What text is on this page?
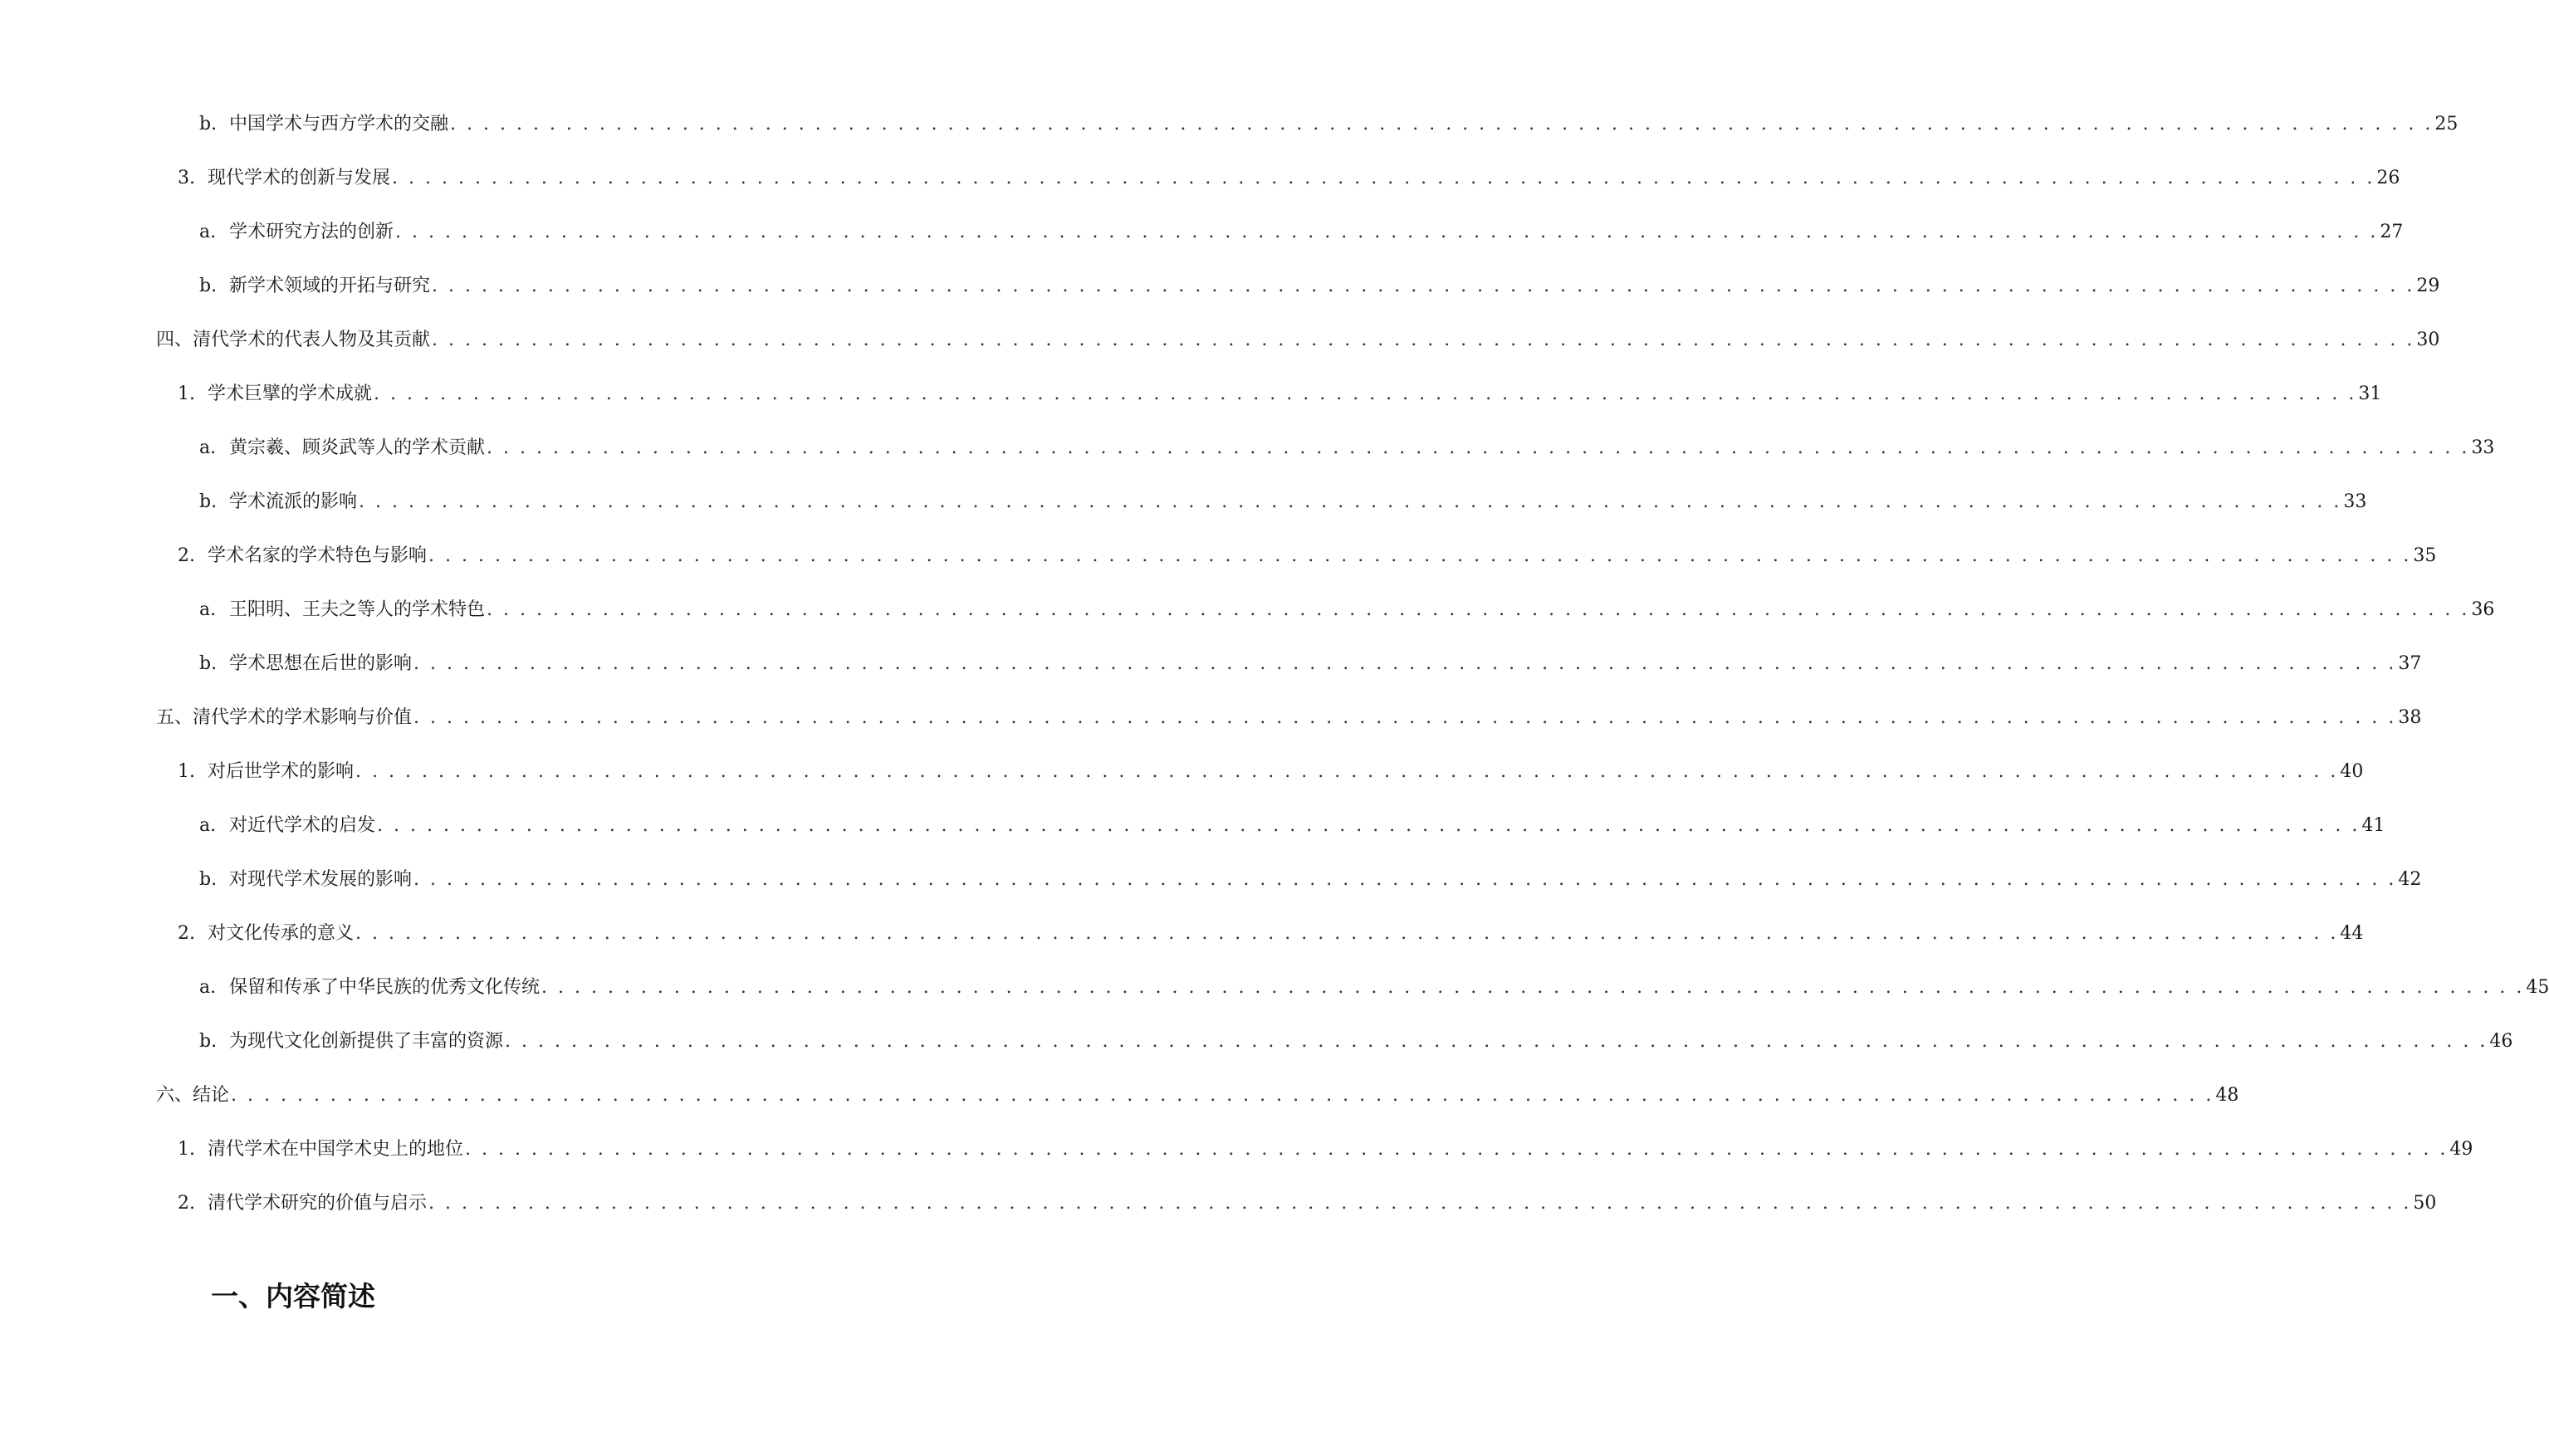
b. 中国学术与西方学术的交融 . . . . . . . . . . . . . . . . . . . . . . . . . . . . . . . . . . . . . . . . . . . . . . . . . . . . . . . . . . . . . . . . . . . . . . . . . . . . . . . . . . . . . . . . . . . . . . . . . . . . . . . . . . . . . . . . . . . . . . . . 25
3. 现代学术的创新与发展 . . . . . . . . . . . . . . . . . . . . . . . . . . . . . . . . . . . . . . . . . . . . . . . . . . . . . . . . . . . . . . . . . . . . . . . . . . . . . . . . . . . . . . . . . . . . . . . . . . . . . . . . . . . . . . . . . . . . . . . . 26
a. 学术研究方法的创新 . . . . . . . . . . . . . . . . . . . . . . . . . . . . . . . . . . . . . . . . . . . . . . . . . . . . . . . . . . . . . . . . . . . . . . . . . . . . . . . . . . . . . . . . . . . . . . . . . . . . . . . . . . . . . . . . . . . . . . . . 27
b. 新学术领域的开拓与研究 . . . . . . . . . . . . . . . . . . . . . . . . . . . . . . . . . . . . . . . . . . . . . . . . . . . . . . . . . . . . . . . . . . . . . . . . . . . . . . . . . . . . . . . . . . . . . . . . . . . . . . . . . . . . . . . . . . . . . . . . 29
四、清代学术的代表人物及其贡献 . . . . . . . . . . . . . . . . . . . . . . . . . . . . . . . . . . . . . . . . . . . . . . . . . . . . . . . . . . . . . . . . . . . . . . . . . . . . . . . . . . . . . . . . . . . . . . . . . . . . . . . . . . . . . . . . . . . . . . . . 30
1. 学术巨擘的学术成就 . . . . . . . . . . . . . . . . . . . . . . . . . . . . . . . . . . . . . . . . . . . . . . . . . . . . . . . . . . . . . . . . . . . . . . . . . . . . . . . . . . . . . . . . . . . . . . . . . . . . . . . . . . . . . . . . . . . . . . . . 31
a. 黄宗羲、顾炎武等人的学术贡献 . . . . . . . . . . . . . . . . . . . . . . . . . . . . . . . . . . . . . . . . . . . . . . . . . . . . . . . . . . . . . . . . . . . . . . . . . . . . . . . . . . . . . . . . . . . . . . . . . . . . . . . . . . . . . . . . . . . . . . . . 33
b. 学术流派的影响 . . . . . . . . . . . . . . . . . . . . . . . . . . . . . . . . . . . . . . . . . . . . . . . . . . . . . . . . . . . . . . . . . . . . . . . . . . . . . . . . . . . . . . . . . . . . . . . . . . . . . . . . . . . . . . . . . . . . . . . . 33
2. 学术名家的学术特色与影响 . . . . . . . . . . . . . . . . . . . . . . . . . . . . . . . . . . . . . . . . . . . . . . . . . . . . . . . . . . . . . . . . . . . . . . . . . . . . . . . . . . . . . . . . . . . . . . . . . . . . . . . . . . . . . . . . . . . . . . . . 35
a. 王阳明、王夫之等人的学术特色 . . . . . . . . . . . . . . . . . . . . . . . . . . . . . . . . . . . . . . . . . . . . . . . . . . . . . . . . . . . . . . . . . . . . . . . . . . . . . . . . . . . . . . . . . . . . . . . . . . . . . . . . . . . . . . . . . . . . . . . . 36
b. 学术思想在后世的影响 . . . . . . . . . . . . . . . . . . . . . . . . . . . . . . . . . . . . . . . . . . . . . . . . . . . . . . . . . . . . . . . . . . . . . . . . . . . . . . . . . . . . . . . . . . . . . . . . . . . . . . . . . . . . . . . . . . . . . . . . 37
五、清代学术的学术影响与价值 . . . . . . . . . . . . . . . . . . . . . . . . . . . . . . . . . . . . . . . . . . . . . . . . . . . . . . . . . . . . . . . . . . . . . . . . . . . . . . . . . . . . . . . . . . . . . . . . . . . . . . . . . . . . . . . . . . . . . . . . 38
1. 对后世学术的影响 . . . . . . . . . . . . . . . . . . . . . . . . . . . . . . . . . . . . . . . . . . . . . . . . . . . . . . . . . . . . . . . . . . . . . . . . . . . . . . . . . . . . . . . . . . . . . . . . . . . . . . . . . . . . . . . . . . . . . . . . 40
a. 对近代学术的启发 . . . . . . . . . . . . . . . . . . . . . . . . . . . . . . . . . . . . . . . . . . . . . . . . . . . . . . . . . . . . . . . . . . . . . . . . . . . . . . . . . . . . . . . . . . . . . . . . . . . . . . . . . . . . . . . . . . . . . . . . 41
b. 对现代学术发展的影响 . . . . . . . . . . . . . . . . . . . . . . . . . . . . . . . . . . . . . . . . . . . . . . . . . . . . . . . . . . . . . . . . . . . . . . . . . . . . . . . . . . . . . . . . . . . . . . . . . . . . . . . . . . . . . . . . . . . . . . . . 42
2. 对文化传承的意义 . . . . . . . . . . . . . . . . . . . . . . . . . . . . . . . . . . . . . . . . . . . . . . . . . . . . . . . . . . . . . . . . . . . . . . . . . . . . . . . . . . . . . . . . . . . . . . . . . . . . . . . . . . . . . . . . . . . . . . . . 44
a. 保留和传承了中华民族的优秀文化传统 . . . . . . . . . . . . . . . . . . . . . . . . . . . . . . . . . . . . . . . . . . . . . . . . . . . . . . . . . . . . . . . . . . . . . . . . . . . . . . . . . . . . . . . . . . . . . . . . . . . . . . . . . . . . . . . . . . . . . . . . 45
b. 为现代文化创新提供了丰富的资源 . . . . . . . . . . . . . . . . . . . . . . . . . . . . . . . . . . . . . . . . . . . . . . . . . . . . . . . . . . . . . . . . . . . . . . . . . . . . . . . . . . . . . . . . . . . . . . . . . . . . . . . . . . . . . . . . . . . . . . . . 46
六、结论 . . . . . . . . . . . . . . . . . . . . . . . . . . . . . . . . . . . . . . . . . . . . . . . . . . . . . . . . . . . . . . . . . . . . . . . . . . . . . . . . . . . . . . . . . . . . . . . . . . . . . . . . . . . . . . . . . . . . . . . . 48
1. 清代学术在中国学术史上的地位 . . . . . . . . . . . . . . . . . . . . . . . . . . . . . . . . . . . . . . . . . . . . . . . . . . . . . . . . . . . . . . . . . . . . . . . . . . . . . . . . . . . . . . . . . . . . . . . . . . . . . . . . . . . . . . . . . . . . . . . . 49
2. 清代学术研究的价值与启示 . . . . . . . . . . . . . . . . . . . . . . . . . . . . . . . . . . . . . . . . . . . . . . . . . . . . . . . . . . . . . . . . . . . . . . . . . . . . . . . . . . . . . . . . . . . . . . . . . . . . . . . . . . . . . . . . . . . . . . . . 50
一、内容简述
